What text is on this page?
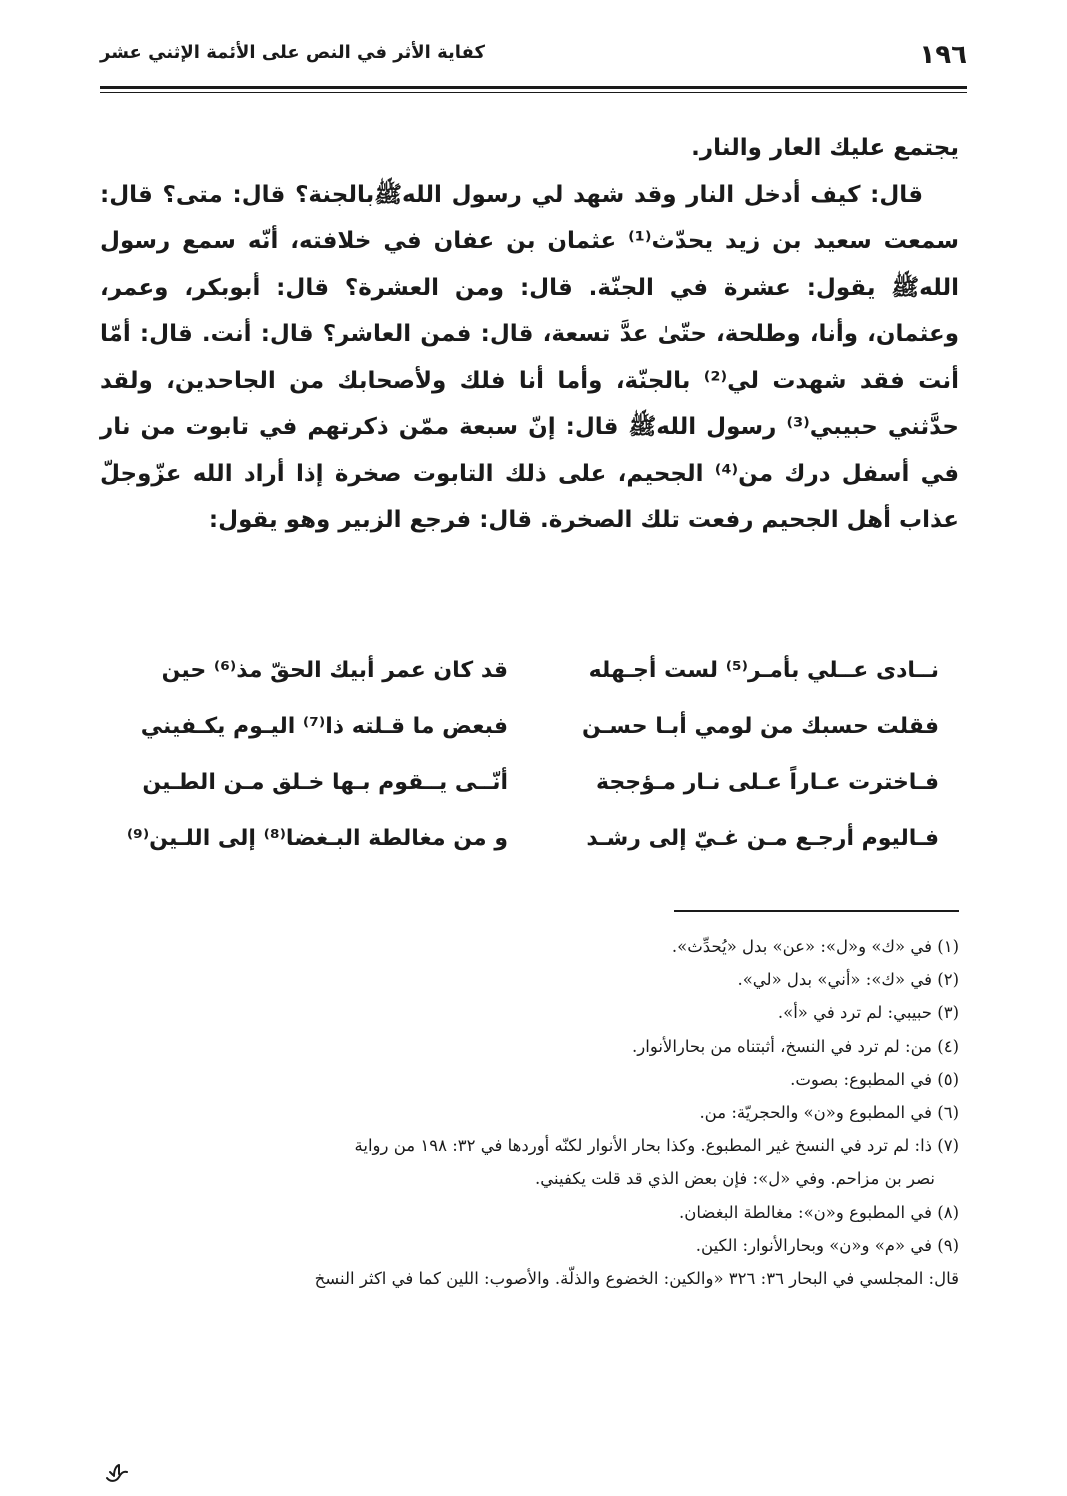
١٩٦
كفاية الأثر في النص على الأئمة الإثني عشر

يجتمع عليك العار والنار.

قال: كيف أدخل النار وقد شهد لي رسول اللهﷺبالجنة؟ قال: متى؟ قال: سمعت سعيد بن زيد يحدّث⁽¹⁾ عثمان بن عفان في خلافته، أنّه سمع رسول اللهﷺ يقول: عشرة في الجنّة. قال: ومن العشرة؟ قال: أبوبكر، وعمر، وعثمان، وأنا، وطلحة، حتّىٰ عدَّ تسعة، قال: فمن العاشر؟ قال: أنت. قال: أمّا أنت فقد شهدت لي⁽²⁾ بالجنّة، وأما أنا فلك ولأصحابك من الجاحدين، ولقد حدَّثني حبيبي⁽³⁾ رسول اللهﷺ قال: إنّ سبعة ممّن ذكرتهم في تابوت من نار في أسفل درك من⁽⁴⁾ الجحيم، على ذلك التابوت صخرة إذا أراد الله عزّوجلّ عذاب أهل الجحيم رفعت تلك الصخرة. قال: فرجع الزبير وهو يقول:

نــادى عــلي بأمـر⁽⁵⁾ لست أجـهله
قد كان عمر أبيك الحقّ مذ⁽⁶⁾ حين
فقلت حسبك من لومي أبـا حسـن
فبعض ما قـلته ذا⁽⁷⁾ اليـوم يكـفيني
فـاخترت عـاراً عـلى نـار مـؤججة
أنّــى يــقوم بـها خـلق مـن الطـين
فـاليوم أرجـع مـن غـيّ إلى رشـد
و من مغالطة البـغضا⁽⁸⁾ إلى اللـين⁽⁹⁾

(١) في «ك» و«ل»: «عن» بدل «يُحدِّث».

(٢) في «ك»: «أني» بدل «لي».

(٣) حبيبي: لم ترد في «أ».

(٤) من: لم ترد في النسخ، أثبتناه من بحارالأنوار.

(٥) في المطبوع: بصوت.

(٦) في المطبوع و«ن» والحجريّة: من.

(٧) ذا: لم ترد في النسخ غير المطبوع. وكذا بحار الأنوار لكنّه أوردها في ٣٢: ١٩٨ من رواية

نصر بن مزاحم. وفي «ل»: فإن بعض الذي قد قلت يكفيني.

(٨) في المطبوع و«ن»: مغالطة البغضان.

(٩) في «م» و«ن» وبحارالأنوار: الكين.

قال: المجلسي في البحار ٣٦: ٣٢٦ «والكين: الخضوع والذلّة. والأصوب: اللين كما في اكثر النسخ
